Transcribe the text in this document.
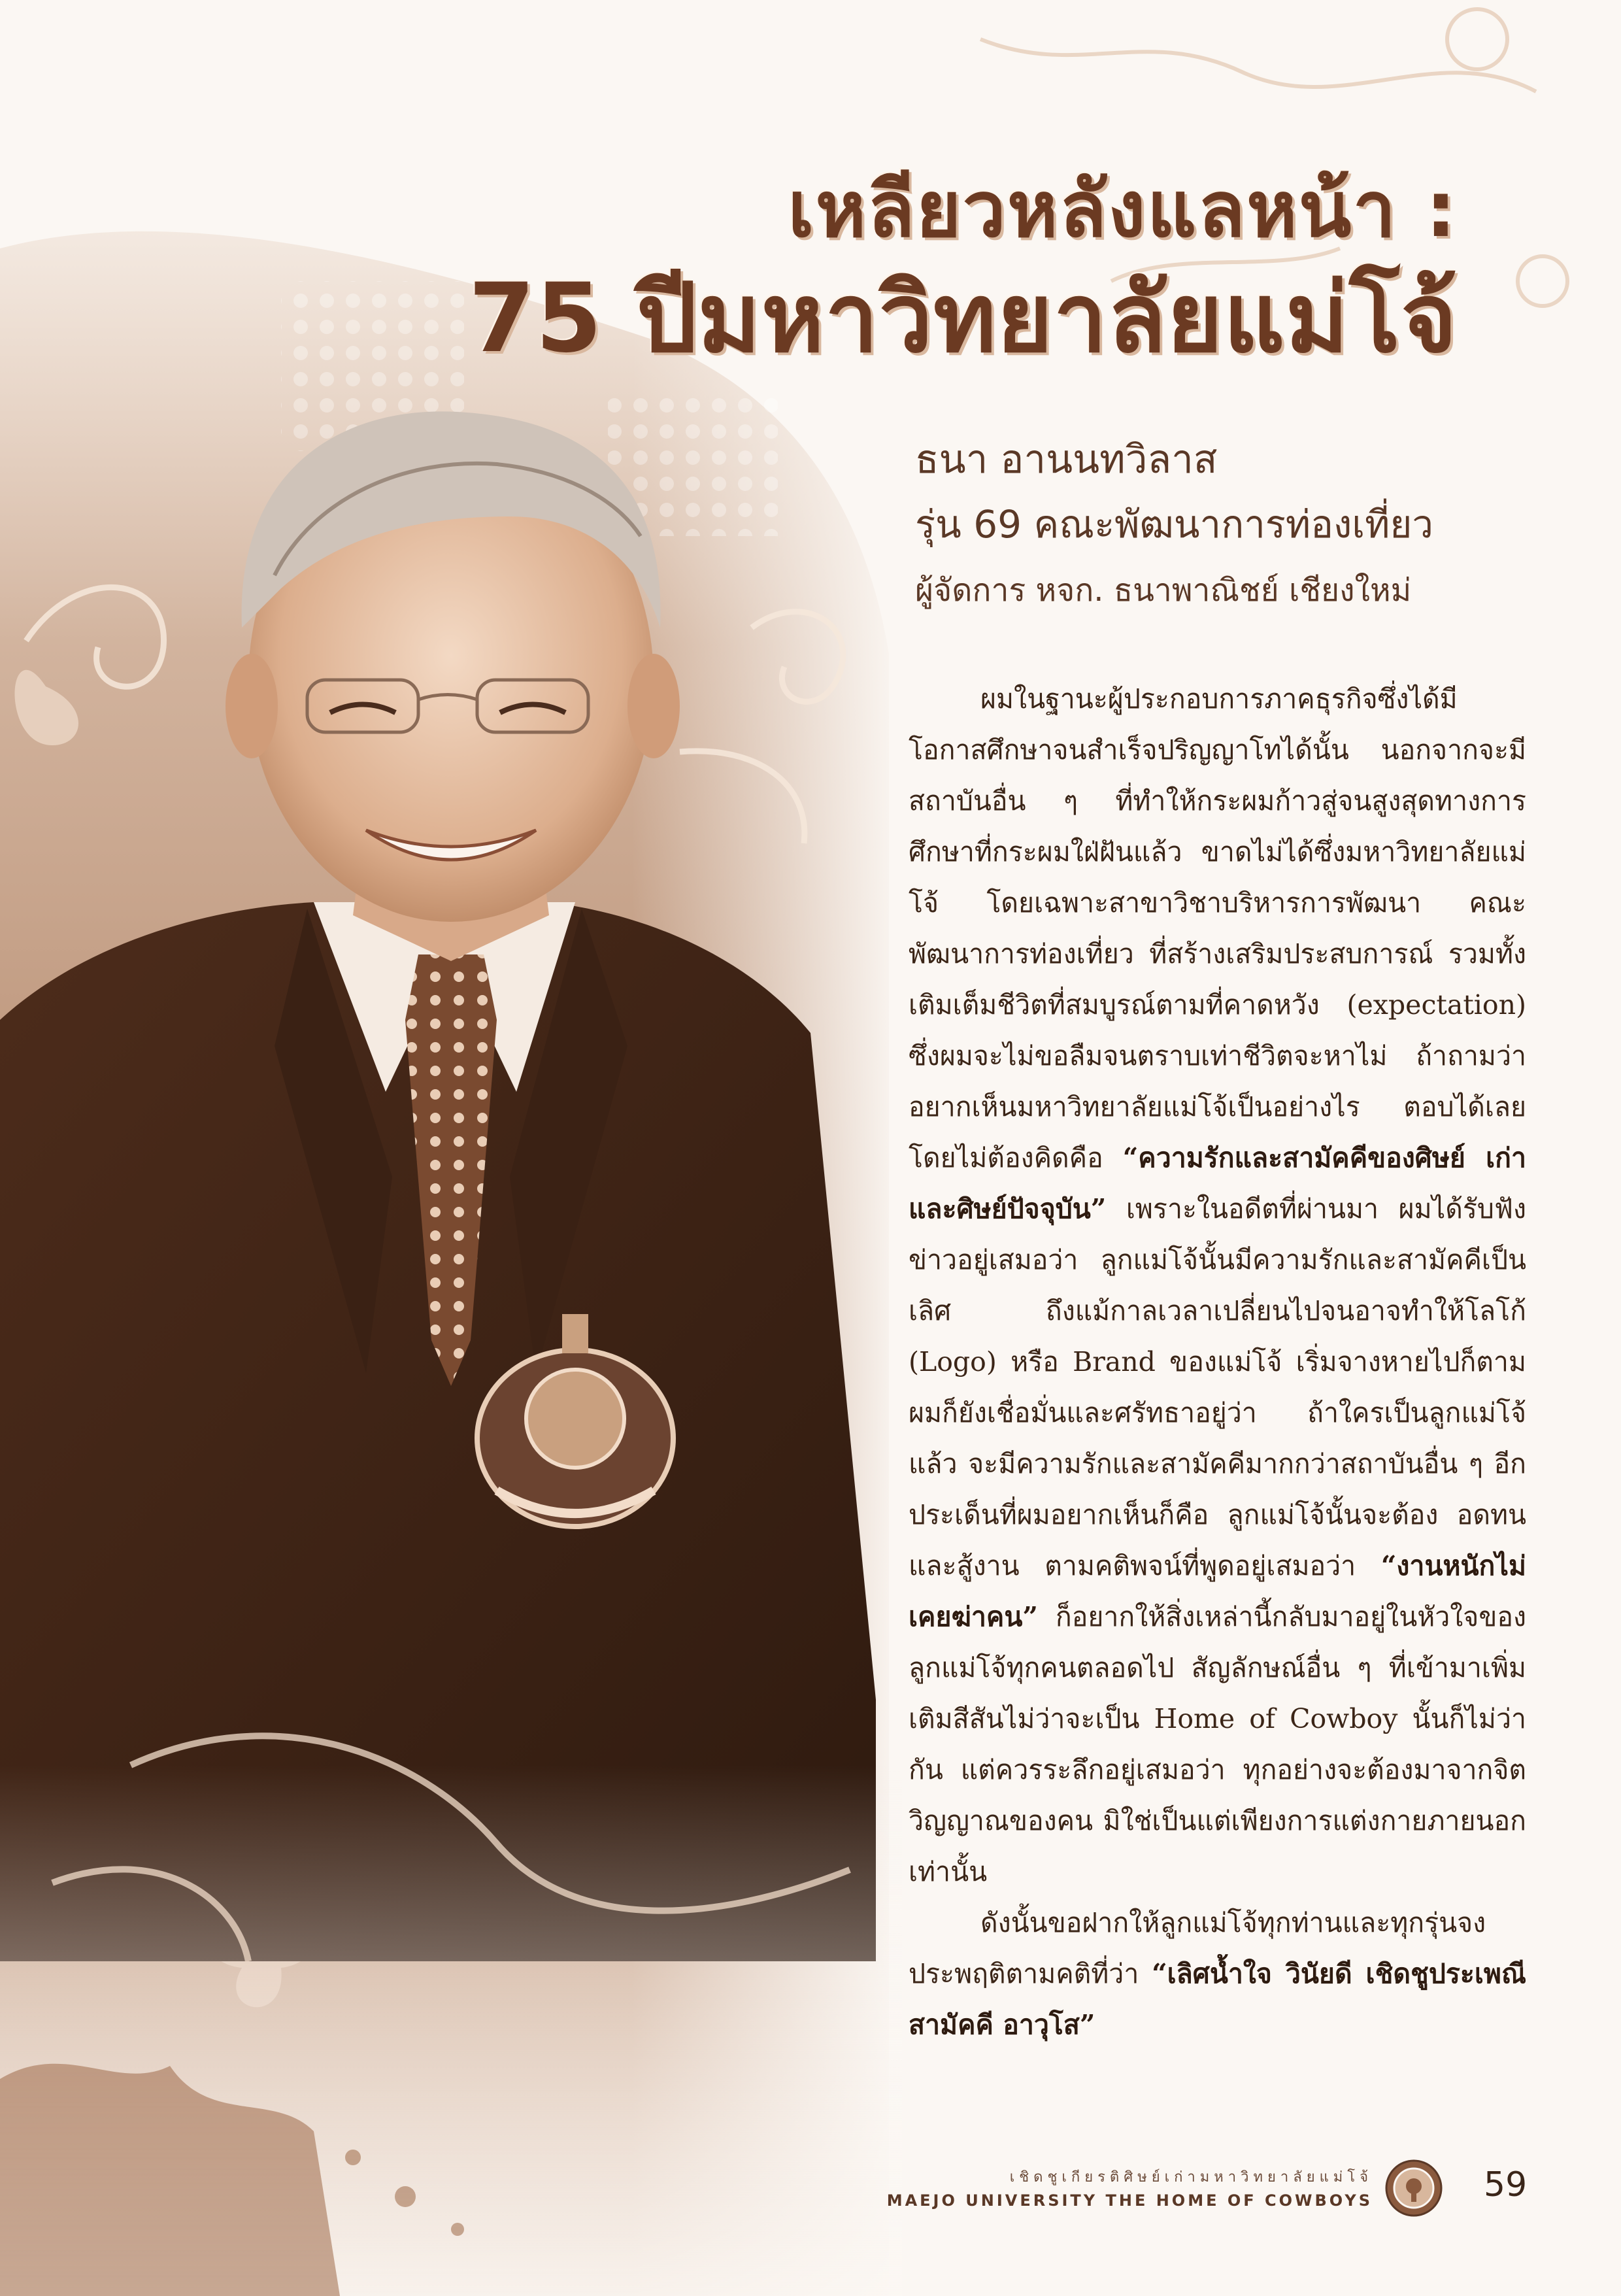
เหลียวหลังแลหน้า :
75 ปีมหาวิทยาลัยแม่โจ้

ธนา อานนทวิลาส

รุ่น 69 คณะพัฒนาการท่องเที่ยว

ผู้จัดการ หจก. ธนาพาณิชย์ เชียงใหม่

ผมในฐานะผู้ประกอบการภาคธุรกิจซึ่งได้มีโอกาสศึกษาจนสำเร็จปริญญาโทได้นั้น นอกจากจะมีสถาบันอื่น ๆ ที่ทำให้กระผมก้าวสู่จนสูงสุดทางการศึกษาที่กระผมใฝ่ฝันแล้ว ขาดไม่ได้ซึ่งมหาวิทยาลัยแม่โจ้ โดยเฉพาะสาขาวิชาบริหารการพัฒนา คณะพัฒนาการท่องเที่ยว ที่สร้างเสริมประสบการณ์ รวมทั้งเติมเต็มชีวิตที่สมบูรณ์ตามที่คาดหวัง (expectation) ซึ่งผมจะไม่ขอลืมจนตราบเท่าชีวิตจะหาไม่ ถ้าถามว่าอยากเห็นมหาวิทยาลัยแม่โจ้เป็นอย่างไร ตอบได้เลยโดยไม่ต้องคิดคือ “ความรักและสามัคคีของศิษย์ เก่าและศิษย์ปัจจุบัน” เพราะในอดีตที่ผ่านมา ผมได้รับฟังข่าวอยู่เสมอว่า ลูกแม่โจ้นั้นมีความรักและสามัคคีเป็นเลิศ ถึงแม้กาลเวลาเปลี่ยนไปจนอาจทำให้โลโก้ (Logo) หรือ Brand ของแม่โจ้ เริ่มจางหายไปก็ตาม ผมก็ยังเชื่อมั่นและศรัทธาอยู่ว่า ถ้าใครเป็นลูกแม่โจ้แล้ว จะมีความรักและสามัคคีมากกว่าสถาบันอื่น ๆ อีกประเด็นที่ผมอยากเห็นก็คือ ลูกแม่โจ้นั้นจะต้อง อดทนและสู้งาน ตามคติพจน์ที่พูดอยู่เสมอว่า “งานหนักไม่เคยฆ่าคน” ก็อยากให้สิ่งเหล่านี้กลับมาอยู่ในหัวใจของลูกแม่โจ้ทุกคนตลอดไป สัญลักษณ์อื่น ๆ ที่เข้ามาเพิ่มเติมสีสันไม่ว่าจะเป็น Home of Cowboy นั้นก็ไม่ว่ากัน แต่ควรระลึกอยู่เสมอว่า ทุกอย่างจะต้องมาจากจิตวิญญาณของคน มิใช่เป็นแต่เพียงการแต่งกายภายนอกเท่านั้น

ดังนั้นขอฝากให้ลูกแม่โจ้ทุกท่านและทุกรุ่นจงประพฤติตามคติที่ว่า “เลิศน้ำใจ วินัยดี เชิดชูประเพณี สามัคคี อาวุโส”

เชิดชูเกียรติศิษย์เก่ามหาวิทยาลัยแม่โจ้

MAEJO UNIVERSITY THE HOME OF COWBOYS	59
